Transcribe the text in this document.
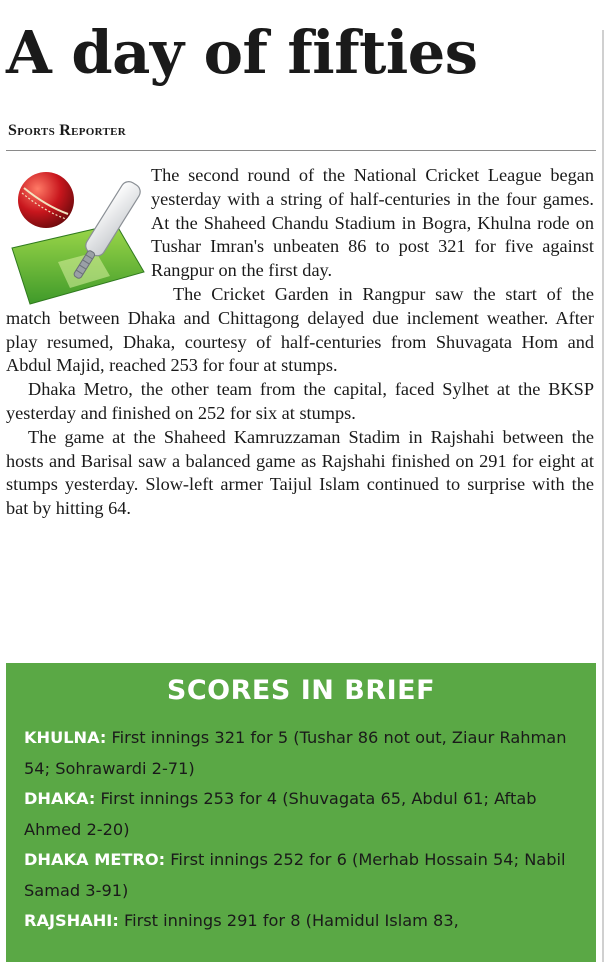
A day of fifties
Sports Reporter

The second round of the National Cricket League began yesterday with a string of half-centuries in the four games. At the Shaheed Chandu Stadium in Bogra, Khulna rode on Tushar Imran's unbeaten 86 to post 321 for five against Rangpur on the first day.

The Cricket Garden in Rangpur saw the start of the match between Dhaka and Chittagong delayed due inclement weather. After play resumed, Dhaka, courtesy of half-centuries from Shuvagata Hom and Abdul Majid, reached 253 for four at stumps.

Dhaka Metro, the other team from the capital, faced Sylhet at the BKSP yesterday and finished on 252 for six at stumps.

The game at the Shaheed Kamruzzaman Stadim in Rajshahi between the hosts and Barisal saw a balanced game as Rajshahi finished on 291 for eight at stumps yesterday. Slow-left armer Taijul Islam continued to surprise with the bat by hitting 64.

SCORES IN BRIEF

KHULNA: First innings 321 for 5 (Tushar 86 not out, Ziaur Rahman 54; Sohrawardi 2-71)

DHAKA: First innings 253 for 4 (Shuvagata 65, Abdul 61; Aftab Ahmed 2-20)

DHAKA METRO: First innings 252 for 6 (Merhab Hossain 54; Nabil Samad 3-91)

RAJSHAHI: First innings 291 for 8 (Hamidul Islam 83,
